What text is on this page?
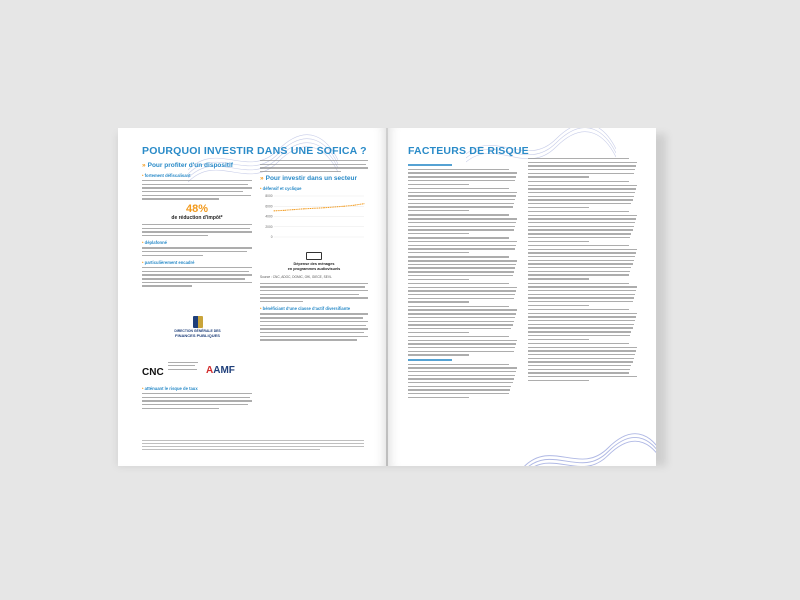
POURQUOI INVESTIR DANS UNE SOFICA ?
» Pour profiter d'un dispositif
• fortement défiscalisant
48%
de réduction d'impôt*
• déplafonné
• particulièrement encadré
DIRECTION GÉNÉRALE DES
FINANCES PUBLIQUES
CNC	AAMF
• atténuant le risque de taux
» Pour investir dans un secteur
• défensif et cyclique
8000
6000
4000
2000
0
Dépense des ménages
en programmes audiovisuels
Source : CNC, ADOC, DGMIC, GfK, GIECE, SEVL
• bénéficiant d'une classe d'actif diversifiante
FACTEURS DE RISQUE
